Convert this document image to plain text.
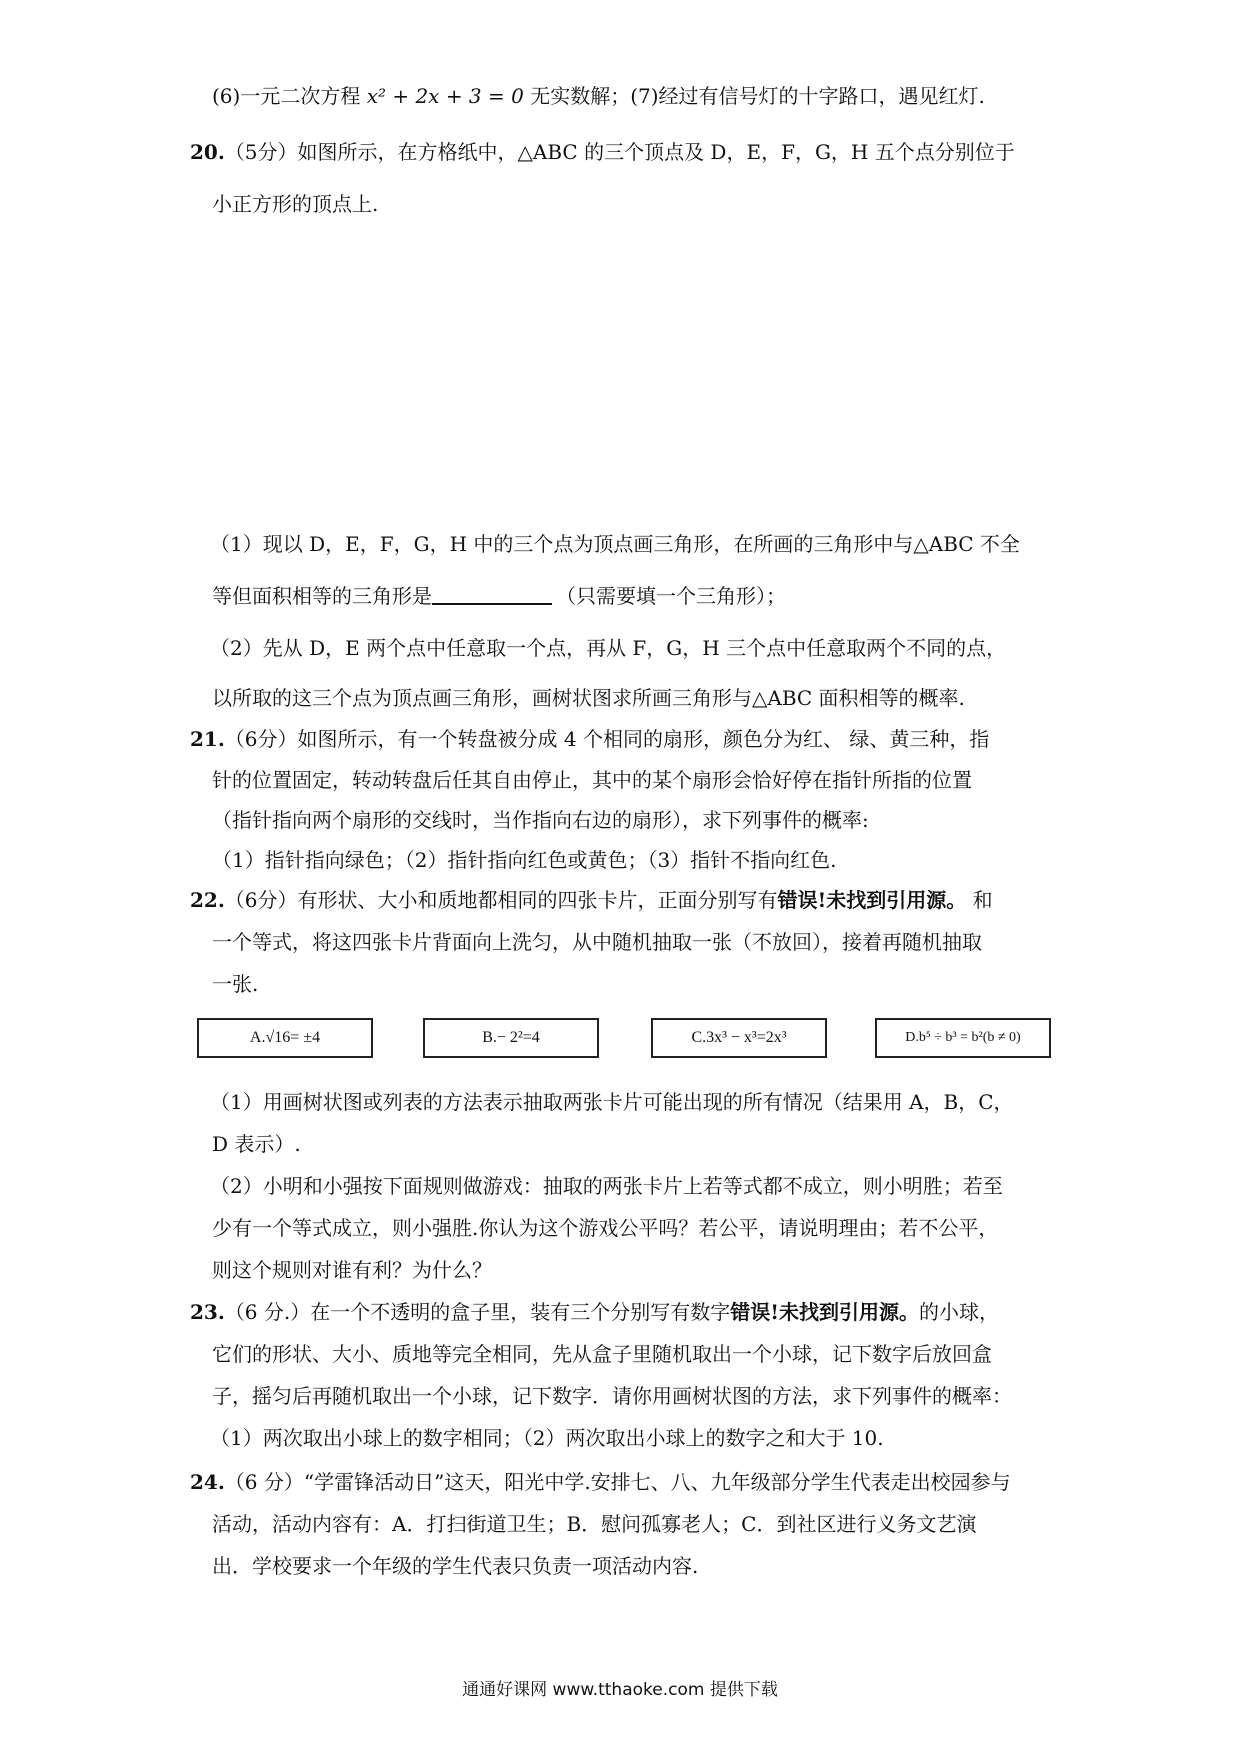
(6)一元二次方程 x² + 2x + 3 = 0 无实数解；(7)经过有信号灯的十字路口，遇见红灯.
20.（5分）如图所示，在方格纸中，△ABC 的三个顶点及 D，E，F，G，H 五个点分别位于
小正方形的顶点上.
（1）现以 D，E，F，G，H 中的三个点为顶点画三角形，在所画的三角形中与△ABC 不全
等但面积相等的三角形是	（只需要填一个三角形）；
（2）先从 D，E 两个点中任意取一个点，再从 F，G，H 三个点中任意取两个不同的点，
以所取的这三个点为顶点画三角形，画树状图求所画三角形与△ABC 面积相等的概率.
21.（6分）如图所示，有一个转盘被分成 4 个相同的扇形，颜色分为红、 绿、黄三种，指
针的位置固定，转动转盘后任其自由停止，其中的某个扇形会恰好停在指针所指的位置
（指针指向两个扇形的交线时，当作指向右边的扇形），求下列事件的概率:
（1）指针指向绿色；（2）指针指向红色或黄色；（3）指针不指向红色.
22.（6分）有形状、大小和质地都相同的四张卡片，正面分别写有错误!未找到引用源。 和
一个等式，将这四张卡片背面向上洗匀，从中随机抽取一张（不放回），接着再随机抽取
一张.
A.√16= ±4	B.− 2²=4	C.3x³ − x³=2x³	D.b⁵ ÷ b³ = b²(b ≠ 0)
（1）用画树状图或列表的方法表示抽取两张卡片可能出现的所有情况（结果用 A，B，C，
D 表示）.
（2）小明和小强按下面规则做游戏：抽取的两张卡片上若等式都不成立，则小明胜；若至
少有一个等式成立，则小强胜.你认为这个游戏公平吗？若公平，请说明理由；若不公平，
则这个规则对谁有利？为什么？
23.（6 分.）在一个不透明的盒子里，装有三个分别写有数字错误!未找到引用源。的小球，
它们的形状、大小、质地等完全相同，先从盒子里随机取出一个小球，记下数字后放回盒
子，摇匀后再随机取出一个小球，记下数字．请你用画树状图的方法，求下列事件的概率：
（1）两次取出小球上的数字相同；（2）两次取出小球上的数字之和大于 10.
24.（6 分）“学雷锋活动日”这天，阳光中学.安排七、八、九年级部分学生代表走出校园参与
活动，活动内容有：A．打扫街道卫生；B．慰问孤寡老人；C．到社区进行义务文艺演
出．学校要求一个年级的学生代表只负责一项活动内容.
通通好课网 www.tthaoke.com 提供下载
